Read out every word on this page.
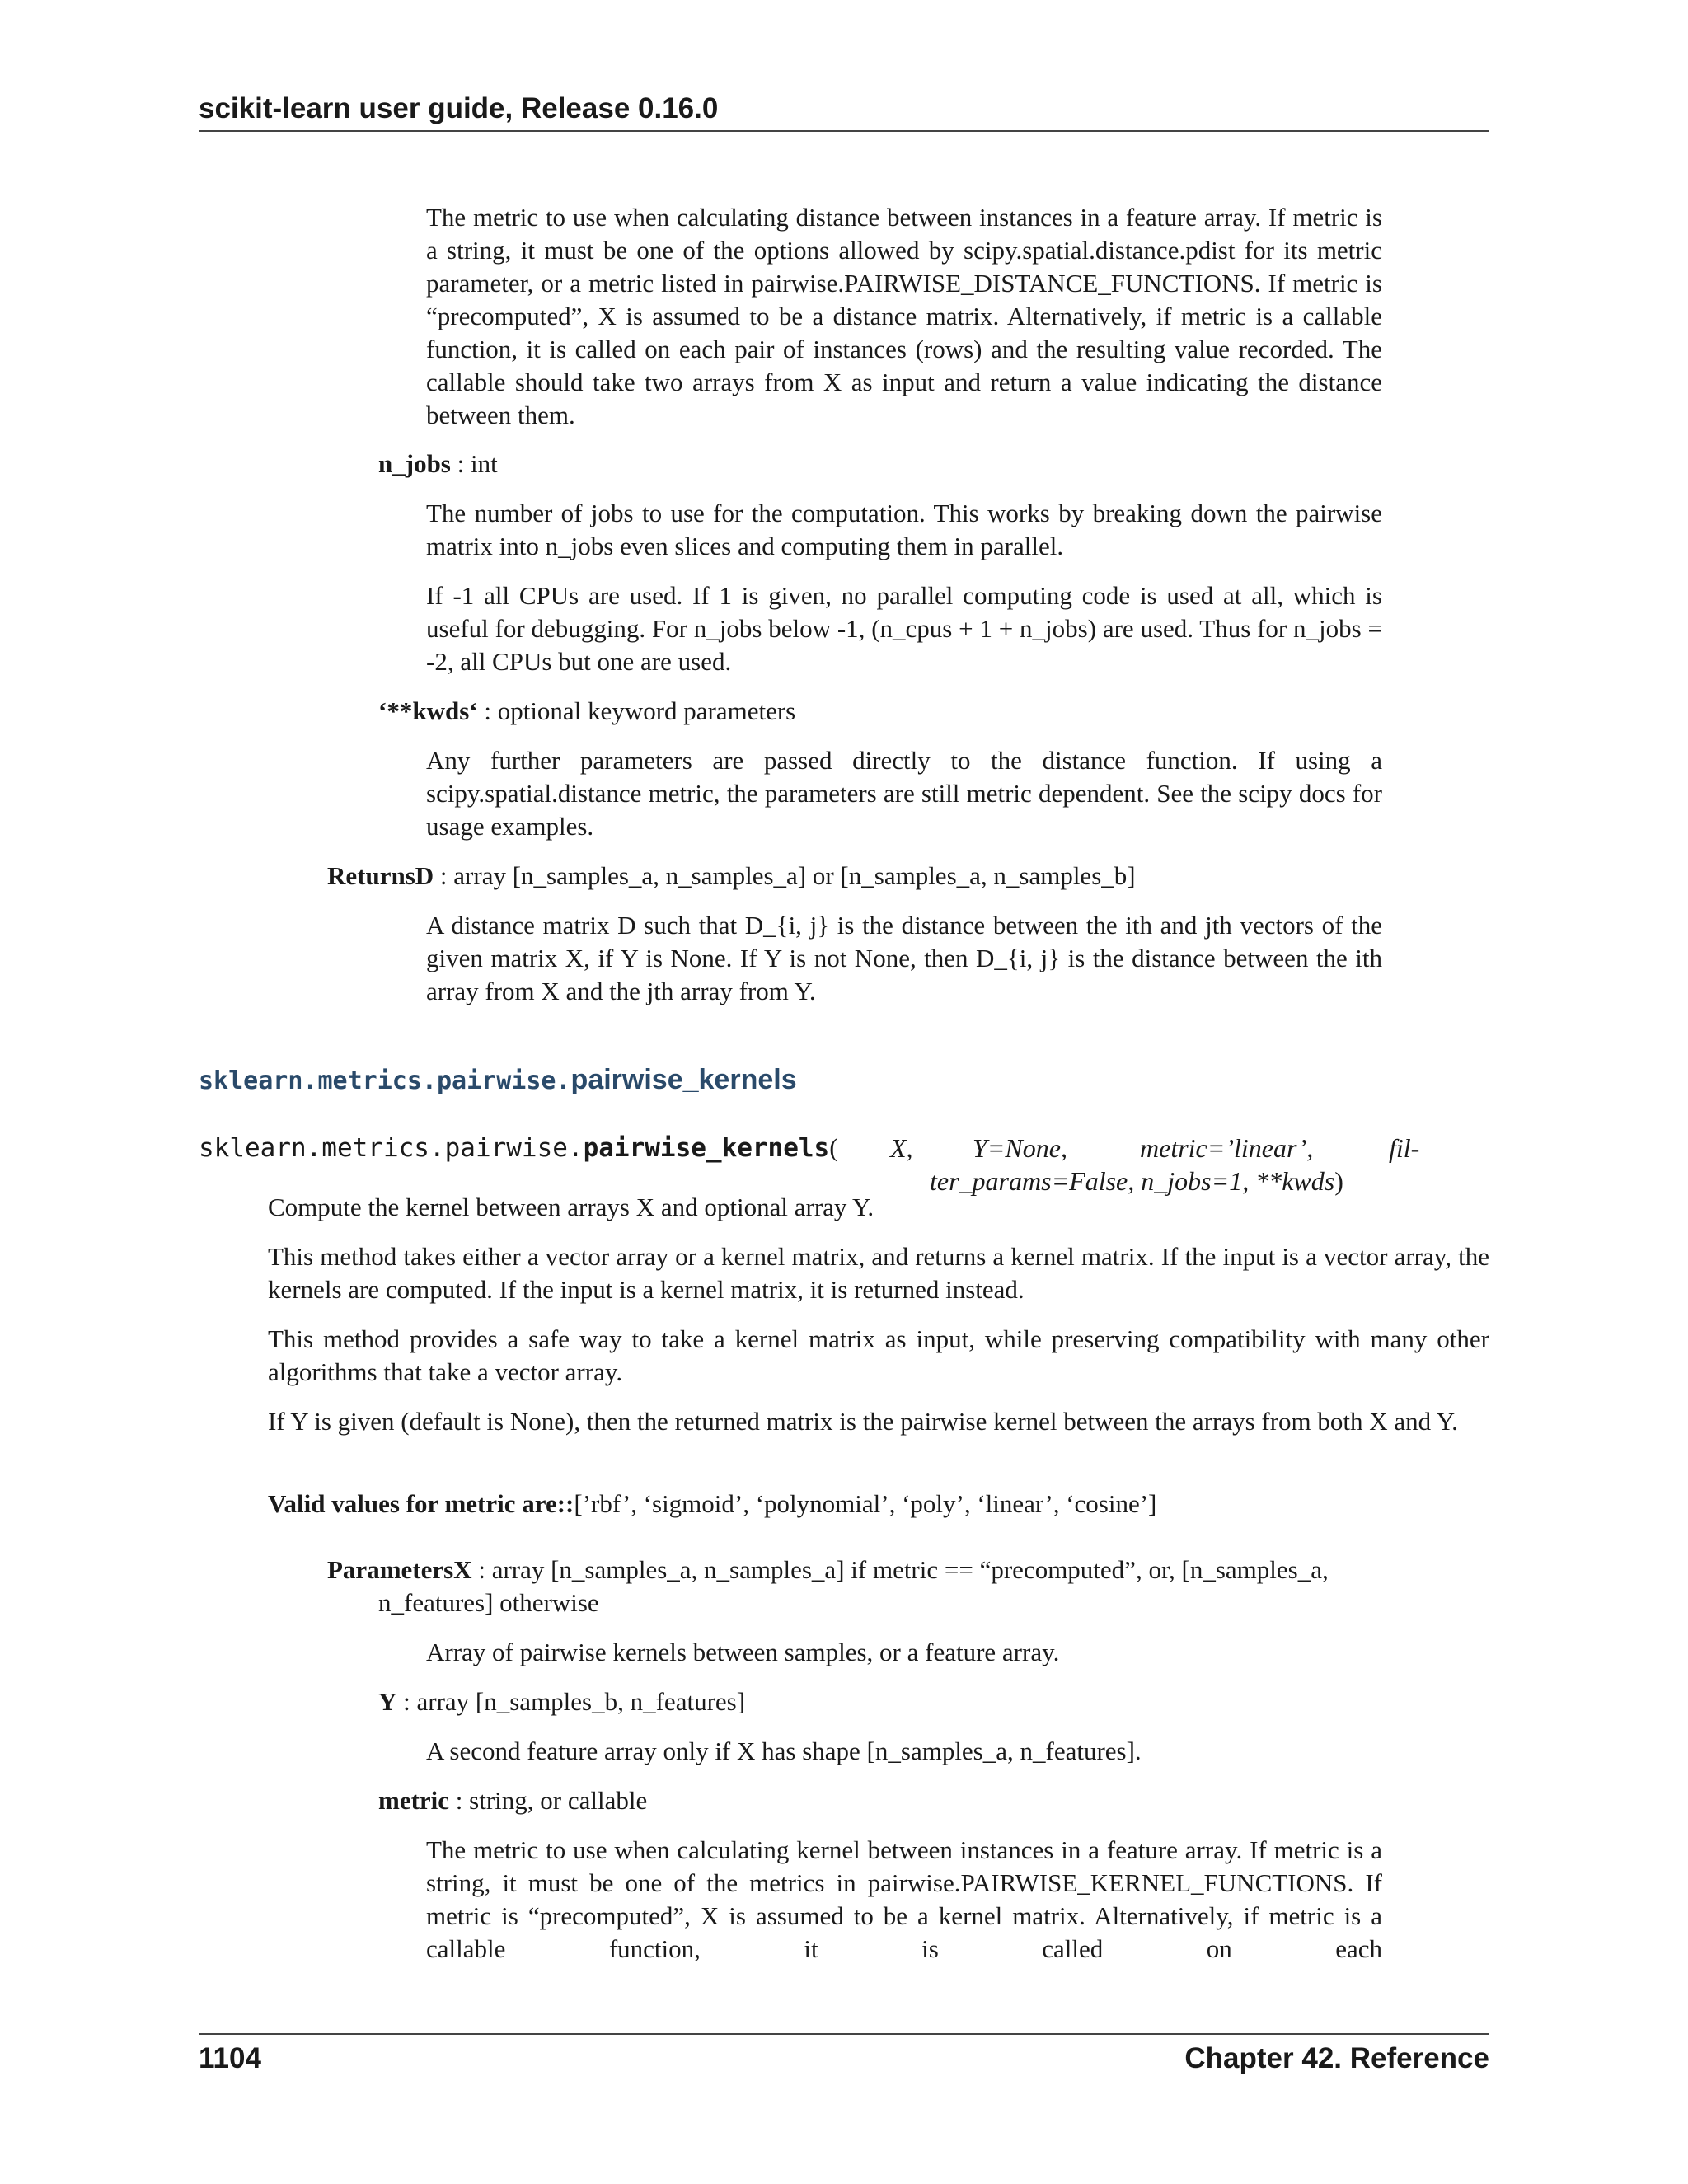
scikit-learn user guide, Release 0.16.0
The metric to use when calculating distance between instances in a feature array. If metric is a string, it must be one of the options allowed by scipy.spatial.distance.pdist for its metric parameter, or a metric listed in pairwise.PAIRWISE_DISTANCE_FUNCTIONS. If metric is “precomputed”, X is assumed to be a distance matrix. Alternatively, if metric is a callable function, it is called on each pair of instances (rows) and the resulting value recorded. The callable should take two arrays from X as input and return a value indicating the distance between them.
n_jobs : int
The number of jobs to use for the computation. This works by breaking down the pairwise matrix into n_jobs even slices and computing them in parallel.
If -1 all CPUs are used. If 1 is given, no parallel computing code is used at all, which is useful for debugging. For n_jobs below -1, (n_cpus + 1 + n_jobs) are used. Thus for n_jobs = -2, all CPUs but one are used.
‘**kwds‘ : optional keyword parameters
Any further parameters are passed directly to the distance function. If using a scipy.spatial.distance metric, the parameters are still metric dependent. See the scipy docs for usage examples.
ReturnsD : array [n_samples_a, n_samples_a] or [n_samples_a, n_samples_b]
A distance matrix D such that D_{i, j} is the distance between the ith and jth vectors of the given matrix X, if Y is None. If Y is not None, then D_{i, j} is the distance between the ith array from X and the jth array from Y.
sklearn.metrics.pairwise.pairwise_kernels
sklearn.metrics.pairwise.pairwise_kernels( X, Y=None,	metric=’linear’,	fil-
ter_params=False, n_jobs=1, **kwds)
Compute the kernel between arrays X and optional array Y.
This method takes either a vector array or a kernel matrix, and returns a kernel matrix. If the input is a vector array, the kernels are computed. If the input is a kernel matrix, it is returned instead.
This method provides a safe way to take a kernel matrix as input, while preserving compatibility with many other algorithms that take a vector array.
If Y is given (default is None), then the returned matrix is the pairwise kernel between the arrays from both X and Y.
Valid values for metric are::[’rbf’, ‘sigmoid’, ‘polynomial’, ‘poly’, ‘linear’, ‘cosine’]
ParametersX : array [n_samples_a, n_samples_a] if metric == “precomputed”, or, [n_samples_a,
n_features] otherwise
Array of pairwise kernels between samples, or a feature array.
Y : array [n_samples_b, n_features]
A second feature array only if X has shape [n_samples_a, n_features].
metric : string, or callable
The metric to use when calculating kernel between instances in a feature array. If metric is a string, it must be one of the metrics in pairwise.PAIRWISE_KERNEL_FUNCTIONS. If metric is “precomputed”, X is assumed to be a kernel matrix. Alternatively, if metric is a callable function, it is called on each
1104	Chapter 42. Reference
